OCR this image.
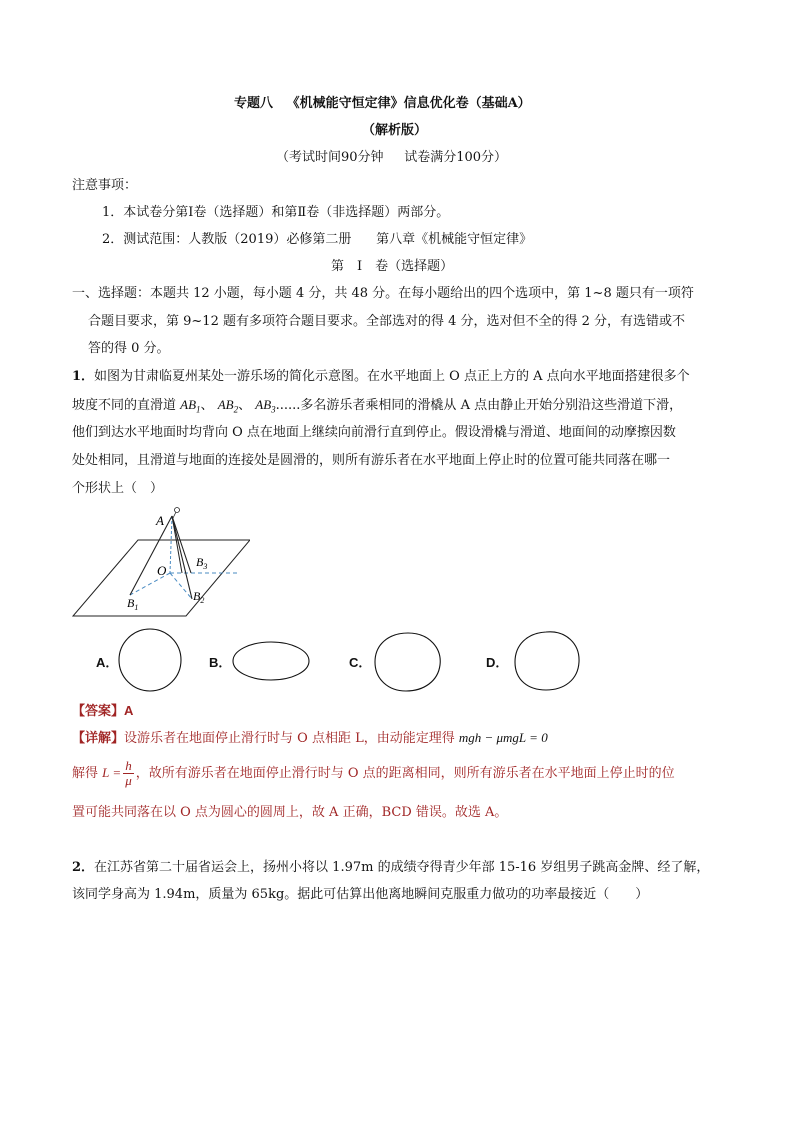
专题八 《机械能守恒定律》信息优化卷（基础A）
（解析版）
（考试时间90分钟 试卷满分100分）
注意事项：
1．本试卷分第Ⅰ卷（选择题）和第Ⅱ卷（非选择题）两部分。
2．测试范围：人教版（2019）必修第二册 第八章《机械能守恒定律》
第　Ⅰ　卷（选择题）
一、选择题：本题共 12 小题，每小题 4 分，共 48 分。在每小题给出的四个选项中，第 1~8 题只有一项符
合题目要求，第 9~12 题有多项符合题目要求。全部选对的得 4 分，选对但不全的得 2 分，有选错或不
答的得 0 分。
1．如图为甘肃临夏州某处一游乐场的简化示意图。在水平地面上 O 点正上方的 A 点向水平地面搭建很多个
坡度不同的直滑道 $AB_1$、 $AB_2$、 $AB_3$......多名游乐者乘相同的滑橇从 A 点由静止开始分别沿这些滑道下滑，
他们到达水平地面时均背向 O 点在地面上继续向前滑行直到停止。假设滑橇与滑道、地面间的动摩擦因数
处处相同，且滑道与地面的连接处是圆滑的，则所有游乐者在水平地面上停止时的位置可能共同落在哪一
个形状上（　）
A
O
$B_3$
$B_2$
$B_1$
A．	B．	C．	D．
【答案】A
【详解】设游乐者在地面停止滑行时与 O 点相距 L，由动能定理得 mgh − μmgL = 0
解得 $L = \frac{h}{\mu}$ ，故所有游乐者在地面停止滑行时与 O 点的距离相同，则所有游乐者在水平地面上停止时的位
置可能共同落在以 O 点为圆心的圆周上，故 A 正确，BCD 错误。故选 A。
2．在江苏省第二十届省运会上，扬州小将以 1.97m 的成绩夺得青少年部 15-16 岁组男子跳高金牌、经了解，
该同学身高为 1.94m，质量为 65kg。据此可估算出他离地瞬间克服重力做功的功率最接近（　　）
